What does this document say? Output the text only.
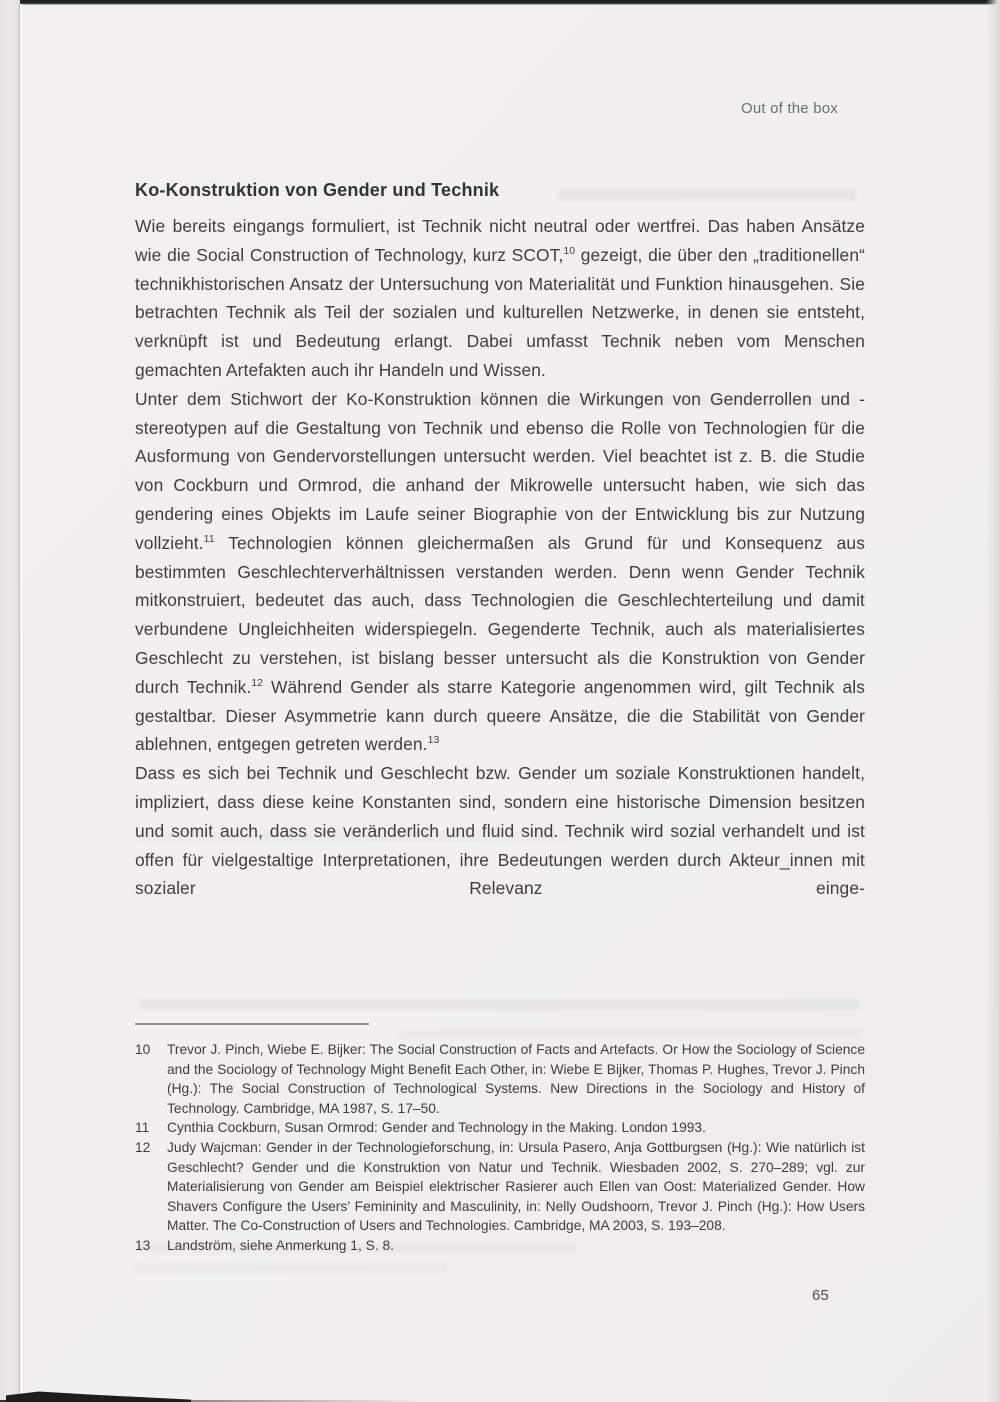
Out of the box
Ko-Konstruktion von Gender und Technik

Wie bereits eingangs formuliert, ist Technik nicht neutral oder wertfrei. Das haben Ansätze wie die Social Construction of Technology, kurz SCOT,$^{10}$ gezeigt, die über den „traditionellen“ technikhistorischen Ansatz der Untersuchung von Materialität und Funktion hinausgehen. Sie betrachten Technik als Teil der sozialen und kulturellen Netzwerke, in denen sie entsteht, verknüpft ist und Bedeutung erlangt. Dabei umfasst Technik neben vom Menschen gemachten Artefakten auch ihr Handeln und Wissen.

Unter dem Stichwort der Ko-Konstruktion können die Wirkungen von Genderrollen und -stereotypen auf die Gestaltung von Technik und ebenso die Rolle von Technologien für die Ausformung von Gendervorstellungen untersucht werden. Viel beachtet ist z. B. die Studie von Cockburn und Ormrod, die anhand der Mikrowelle untersucht haben, wie sich das gendering eines Objekts im Laufe seiner Biographie von der Entwicklung bis zur Nutzung vollzieht.$^{11}$ Technologien können gleichermaßen als Grund für und Konsequenz aus bestimmten Geschlechterverhältnissen verstanden werden. Denn wenn Gender Technik mitkonstruiert, bedeutet das auch, dass Technologien die Geschlechterteilung und damit verbundene Ungleichheiten widerspiegeln. Gegenderte Technik, auch als materialisiertes Geschlecht zu verstehen, ist bislang besser untersucht als die Konstruktion von Gender durch Technik.$^{12}$ Während Gender als starre Kategorie angenommen wird, gilt Technik als gestaltbar. Dieser Asymmetrie kann durch queere Ansätze, die die Stabilität von Gender ablehnen, entgegen getreten werden.$^{13}$

Dass es sich bei Technik und Geschlecht bzw. Gender um soziale Konstruktionen handelt, impliziert, dass diese keine Konstanten sind, sondern eine historische Dimension besitzen und somit auch, dass sie veränderlich und fluid sind. Technik wird sozial verhandelt und ist offen für vielgestaltige Interpretationen, ihre Bedeutungen werden durch Akteur_innen mit sozialer Relevanz einge-

10	Trevor J. Pinch, Wiebe E. Bijker: The Social Construction of Facts and Artefacts. Or How the Sociology of Science and the Sociology of Technology Might Benefit Each Other, in: Wiebe E Bijker, Thomas P. Hughes, Trevor J. Pinch (Hg.): The Social Construction of Technological Systems. New Directions in the Sociology and History of Technology. Cambridge, MA 1987, S. 17–50.
11	Cynthia Cockburn, Susan Ormrod: Gender and Technology in the Making. London 1993.
12	Judy Wajcman: Gender in der Technologieforschung, in: Ursula Pasero, Anja Gottburgsen (Hg.): Wie natürlich ist Geschlecht? Gender und die Konstruktion von Natur und Technik. Wiesbaden 2002, S. 270–289; vgl. zur Materialisierung von Gender am Beispiel elektrischer Rasierer auch Ellen van Oost: Materialized Gender. How Shavers Configure the Users’ Femininity and Masculinity, in: Nelly Oudshoorn, Trevor J. Pinch (Hg.): How Users Matter. The Co-Construction of Users and Technologies. Cambridge, MA 2003, S. 193–208.
13	Landström, siehe Anmerkung 1, S. 8.
65
